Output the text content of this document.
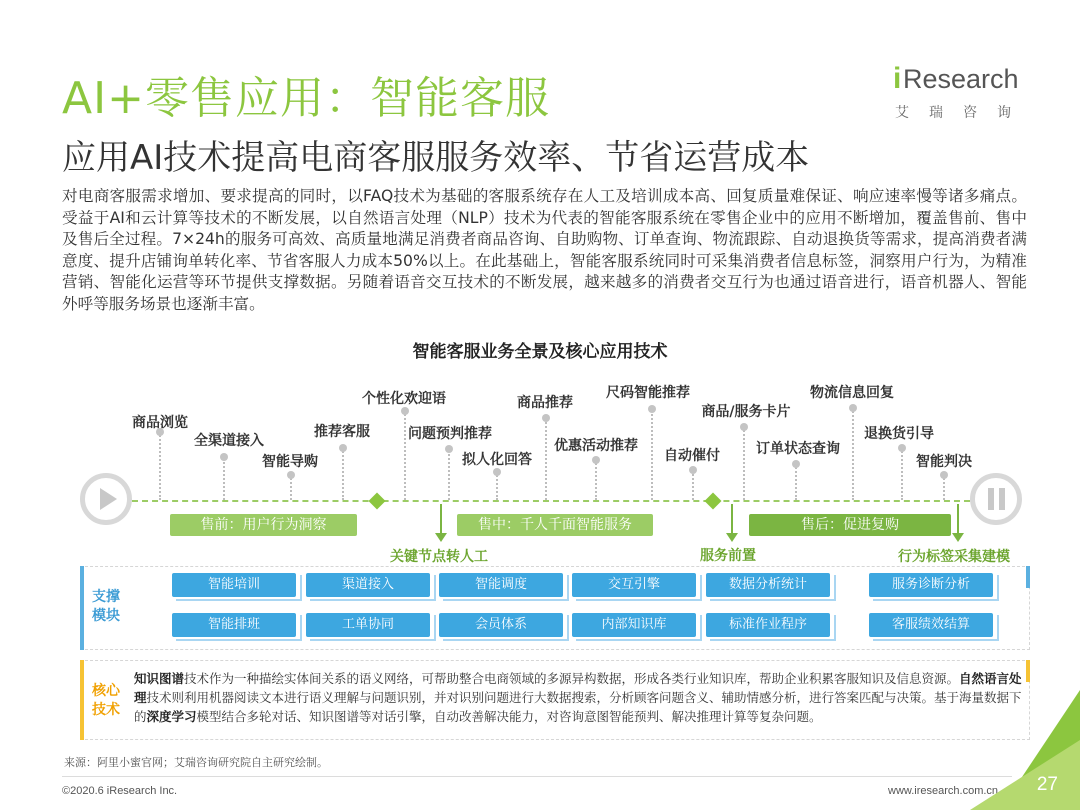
AI+零售应用：智能客服
应用AI技术提高电商客服服务效率、节省运营成本
i Research
艾瑞咨询
对电商客服需求增加、要求提高的同时，以FAQ技术为基础的客服系统存在人工及培训成本高、回复质量难保证、响应速率慢等诸多痛点。受益于AI和云计算等技术的不断发展，以自然语言处理（NLP）技术为代表的智能客服系统在零售企业中的应用不断增加，覆盖售前、售中及售后全过程。7×24h的服务可高效、高质量地满足消费者商品咨询、自助购物、订单查询、物流跟踪、自动退换货等需求，提高消费者满意度、提升店铺询单转化率、节省客服人力成本50%以上。在此基础上，智能客服系统同时可采集消费者信息标签，洞察用户行为，为精准营销、智能化运营等环节提供支撑数据。另随着语音交互技术的不断发展，越来越多的消费者交互行为也通过语音进行，语音机器人、智能外呼等服务场景也逐渐丰富。
智能客服业务全景及核心应用技术
商品浏览
全渠道接入
智能导购
推荐客服
个性化欢迎语
问题预判推荐
拟人化回答
商品推荐
优惠活动推荐
尺码智能推荐
自动催付
商品/服务卡片
订单状态查询
物流信息回复
退换货引导
智能判决
售前：用户行为洞察	售中：千人千面智能服务	售后：促进复购
关键节点转人工	服务前置	行为标签采集建模
支撑模块
智能培训	渠道接入	智能调度	交互引擎	数据分析统计	服务诊断分析
智能排班	工单协同	会员体系	内部知识库	标准作业程序	客服绩效结算
核心技术
知识图谱技术作为一种描绘实体间关系的语义网络，可帮助整合电商领域的多源异构数据，形成各类行业知识库，帮助企业积累客服知识及信息资源。自然语言处理技术则利用机器阅读文本进行语义理解与问题识别，并对识别问题进行大数据搜索，分析顾客问题含义、辅助情感分析，进行答案匹配与决策。基于海量数据下的深度学习模型结合多轮对话、知识图谱等对话引擎，自动改善解决能力，对咨询意图智能预判、解决推理计算等复杂问题。
来源：阿里小蜜官网；艾瑞咨询研究院自主研究绘制。
©2020.6 iResearch Inc.	www.iresearch.com.cn 27
